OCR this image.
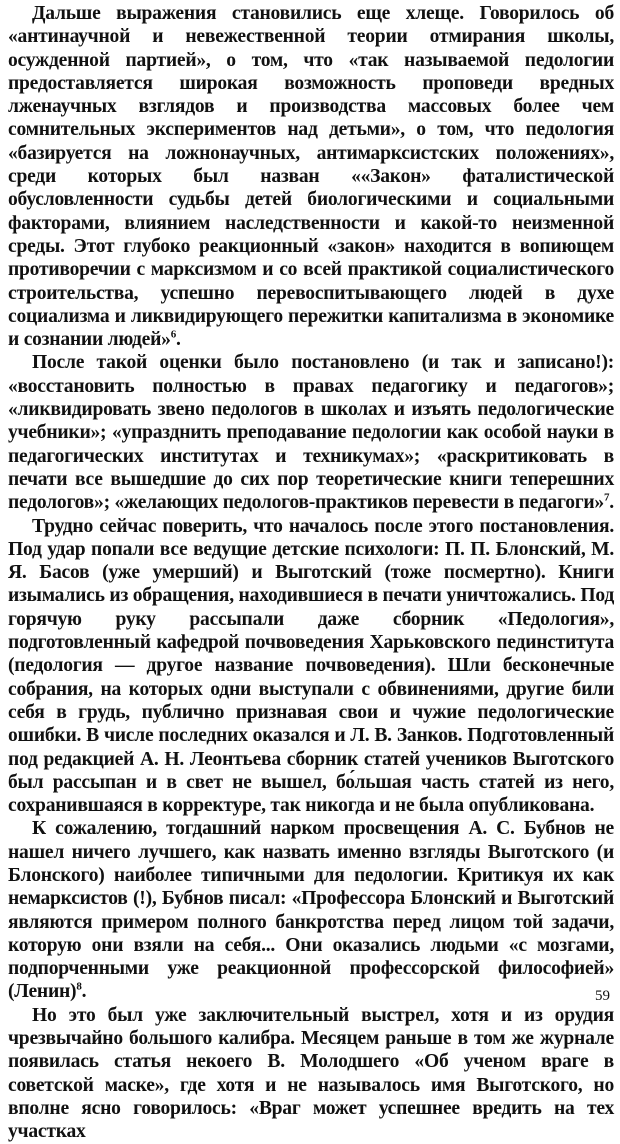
Дальше выражения становились еще хлеще. Говорилось об «антинаучной и невежественной теории отмирания школы, осужденной партией», о том, что «так называемой педологии предоставляется широкая возможность проповеди вредных лженаучных взглядов и производства массовых более чем сомнительных экспериментов над детьми», о том, что педология «базируется на ложнонаучных, антимарксистских положениях», среди которых был назван ««Закон» фаталистической обусловленности судьбы детей биологическими и социальными факторами, влиянием наследственности и какой-то неизменной среды. Этот глубоко реакционный «закон» находится в вопиющем противоречии с марксизмом и со всей практикой социалистического строительства, успешно перевоспитывающего людей в духе социализма и ликвидирующего пережитки капитализма в экономике и сознании людей»$^6$.

После такой оценки было постановлено (и так и записано!): «восстановить полностью в правах педагогику и педагогов»; «ликвидировать звено педологов в школах и изъять педологические учебники»; «упразднить преподавание педологии как особой науки в педагогических институтах и техникумах»; «раскритиковать в печати все вышедшие до сих пор теоретические книги теперешних педологов»; «желающих педологов-практиков перевести в педагоги»$^7$.

Трудно сейчас поверить, что началось после этого постановления. Под удар попали все ведущие детские психологи: П. П. Блонский, М. Я. Басов (уже умерший) и Выготский (тоже посмертно). Книги изымались из обращения, находившиеся в печати уничтожались. Под горячую руку рассыпали даже сборник «Педология», подготовленный кафедрой почвоведения Харьковского пединститута (педология — другое название почвоведения). Шли бесконечные собрания, на которых одни выступали с обвинениями, другие били себя в грудь, публично признавая свои и чужие педологические ошибки. В числе последних оказался и Л. В. Занков. Подготовленный под редакцией А. Н. Леонтьева сборник статей учеников Выготского был рассыпан и в свет не вышел, бо́льшая часть статей из него, сохранившаяся в корректуре, так никогда и не была опубликована.

К сожалению, тогдашний нарком просвещения А. С. Бубнов не нашел ничего лучшего, как назвать именно взгляды Выготского (и Блонского) наиболее типичными для педологии. Критикуя их как немарксистов (!), Бубнов писал: «Профессора Блонский и Выготский являются примером полного банкротства перед лицом той задачи, которую они взяли на себя... Они оказались людьми «с мозгами, подпорченными уже реакционной профессорской философией» (Ленин)$^8$.

Но это был уже заключительный выстрел, хотя и из орудия чрезвычайно большого калибра. Месяцем раньше в том же журнале появилась статья некоего В. Молодшего «Об ученом враге в советской маске», где хотя и не называлось имя Выготского, но вполне ясно говорилось: «Враг может успешнее вредить на тех участках

59
